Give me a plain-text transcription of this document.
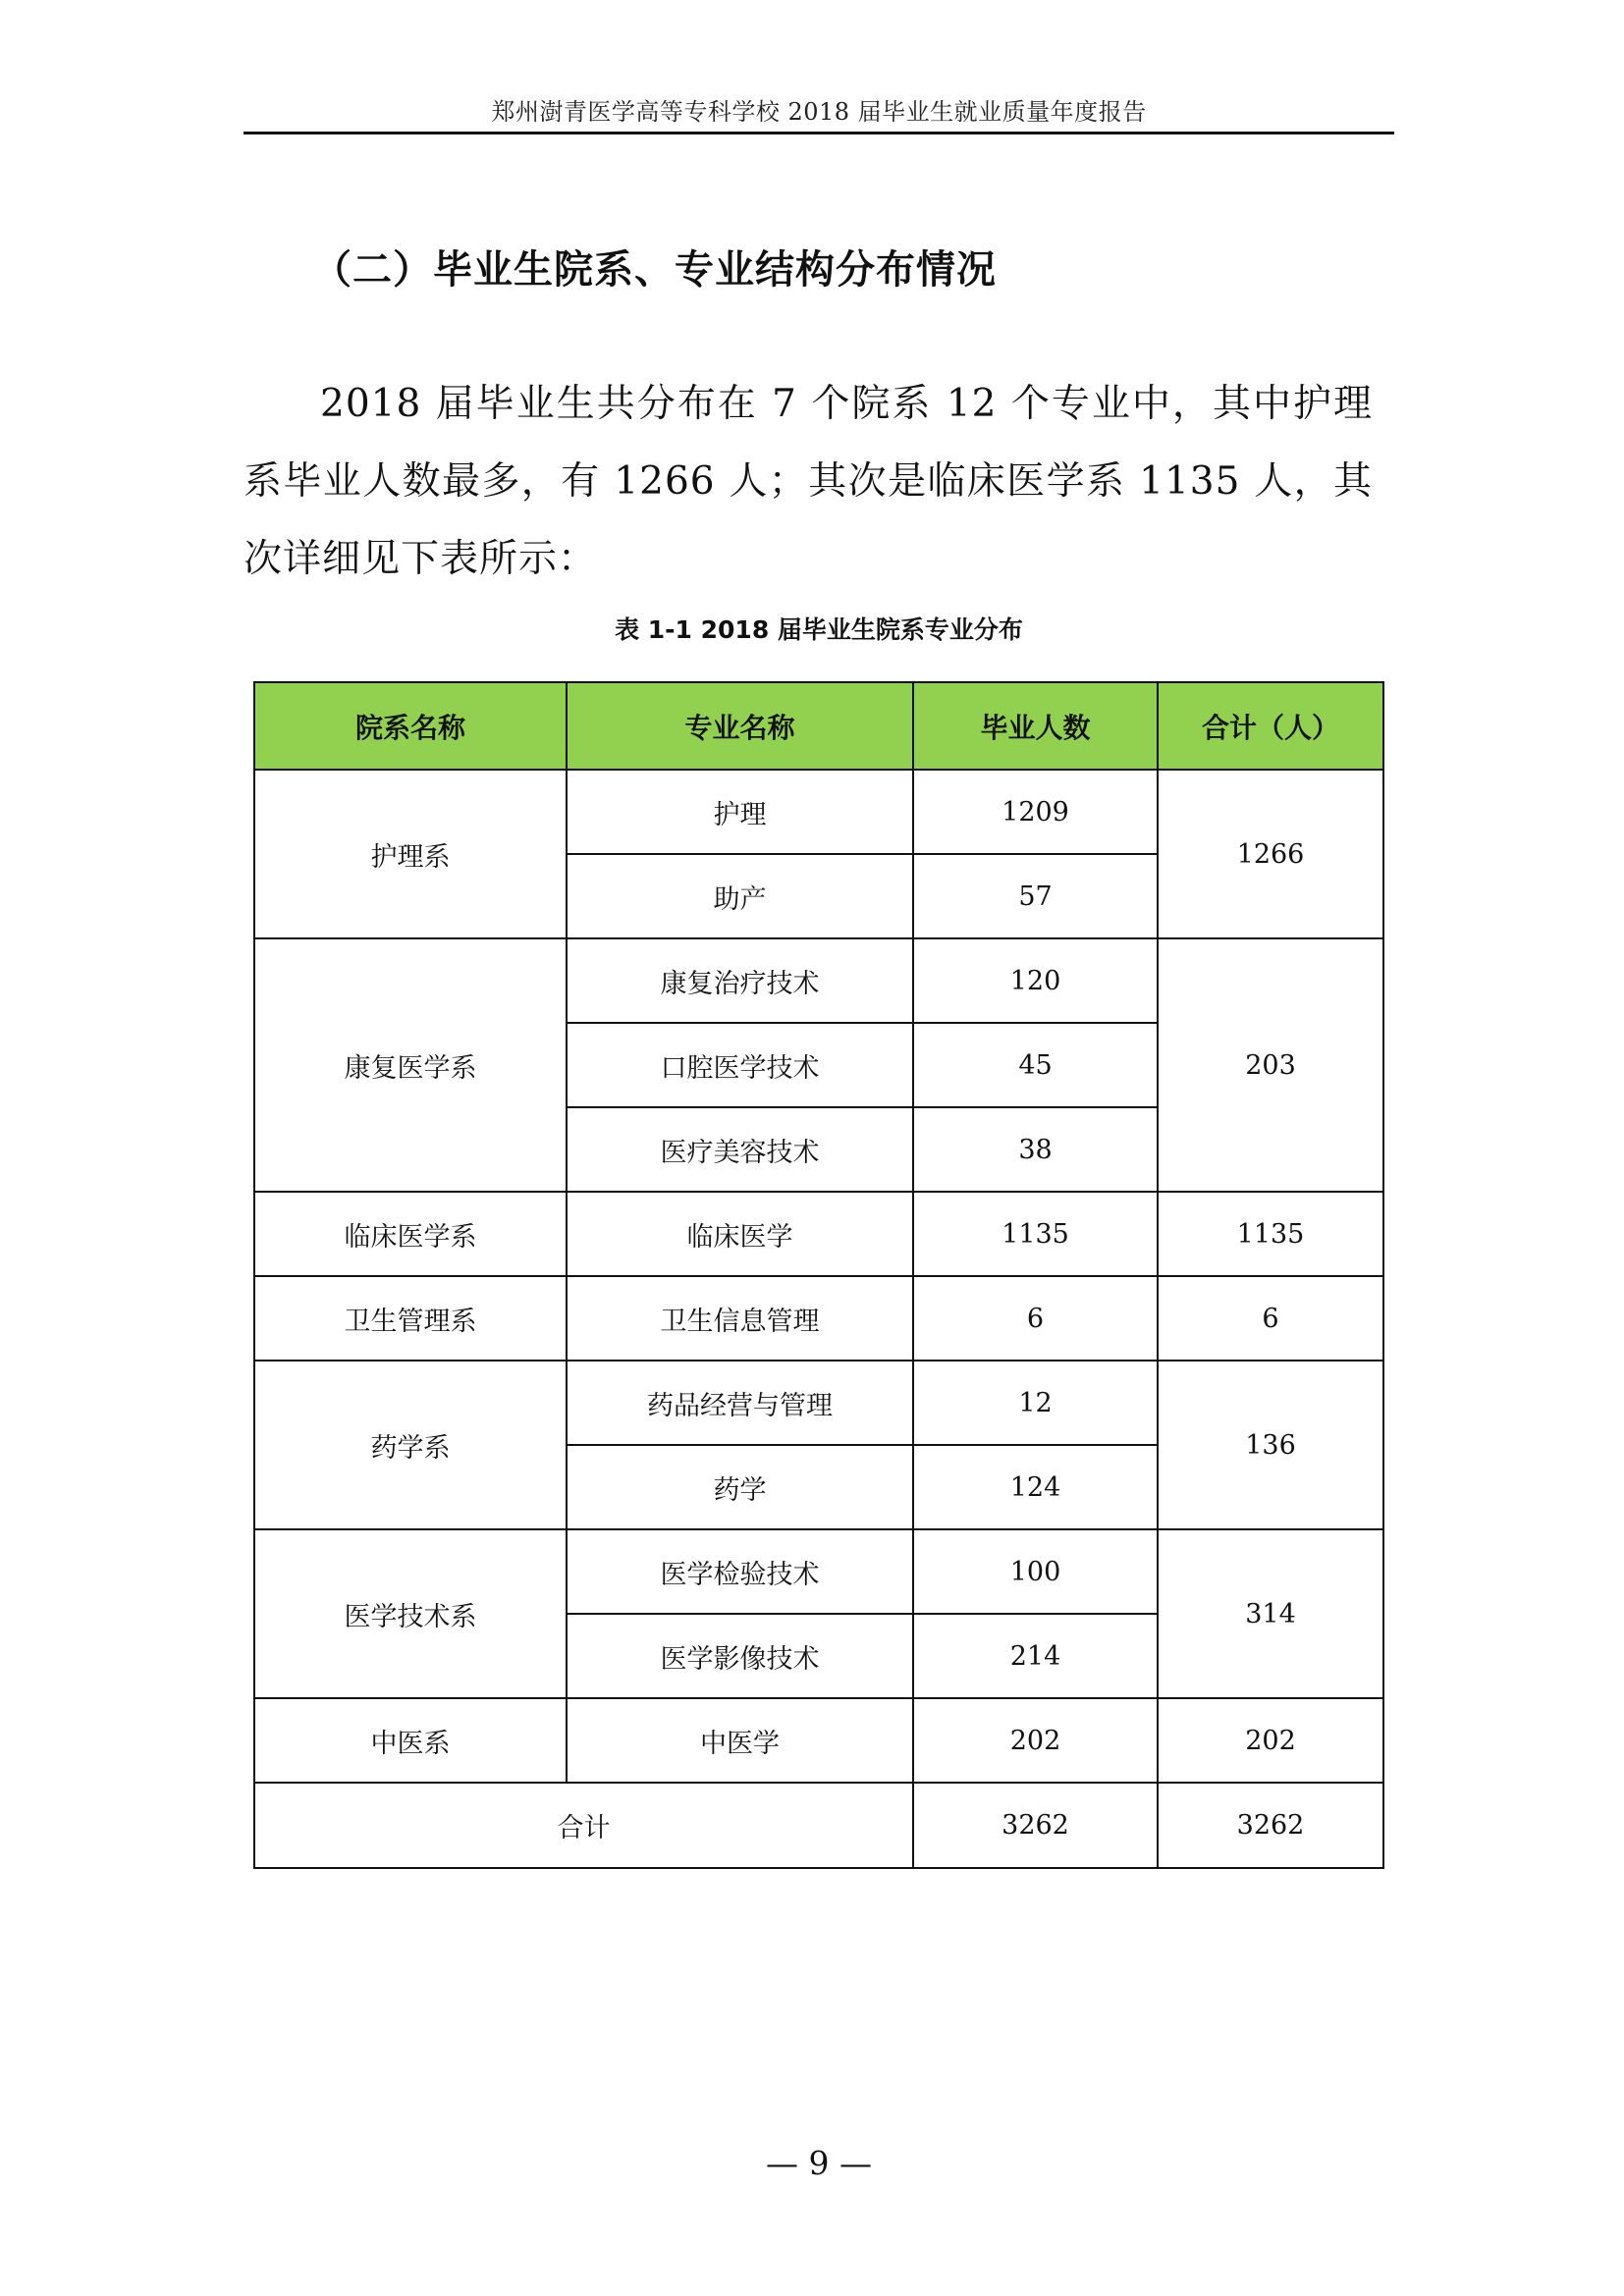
郑州澍青医学高等专科学校 2018 届毕业生就业质量年度报告
（二）毕业生院系、专业结构分布情况

2018 届毕业生共分布在 7 个院系 12 个专业中，其中护理系毕业人数最多，有 1266 人；其次是临床医学系 1135 人，其次详细见下表所示：

表 1-1 2018 届毕业生院系专业分布
院系名称	专业名称	毕业人数	合计（人）
护理系	护理	1209	1266
	助产	57	
康复医学系	康复治疗技术	120	203
	口腔医学技术	45	
	医疗美容技术	38	
临床医学系	临床医学	1135	1135
卫生管理系	卫生信息管理	6	6
药学系	药品经营与管理	12	136
	药学	124	
医学技术系	医学检验技术	100	314
	医学影像技术	214	
中医系	中医学	202	202
合计		3262	3262
— 9 —
